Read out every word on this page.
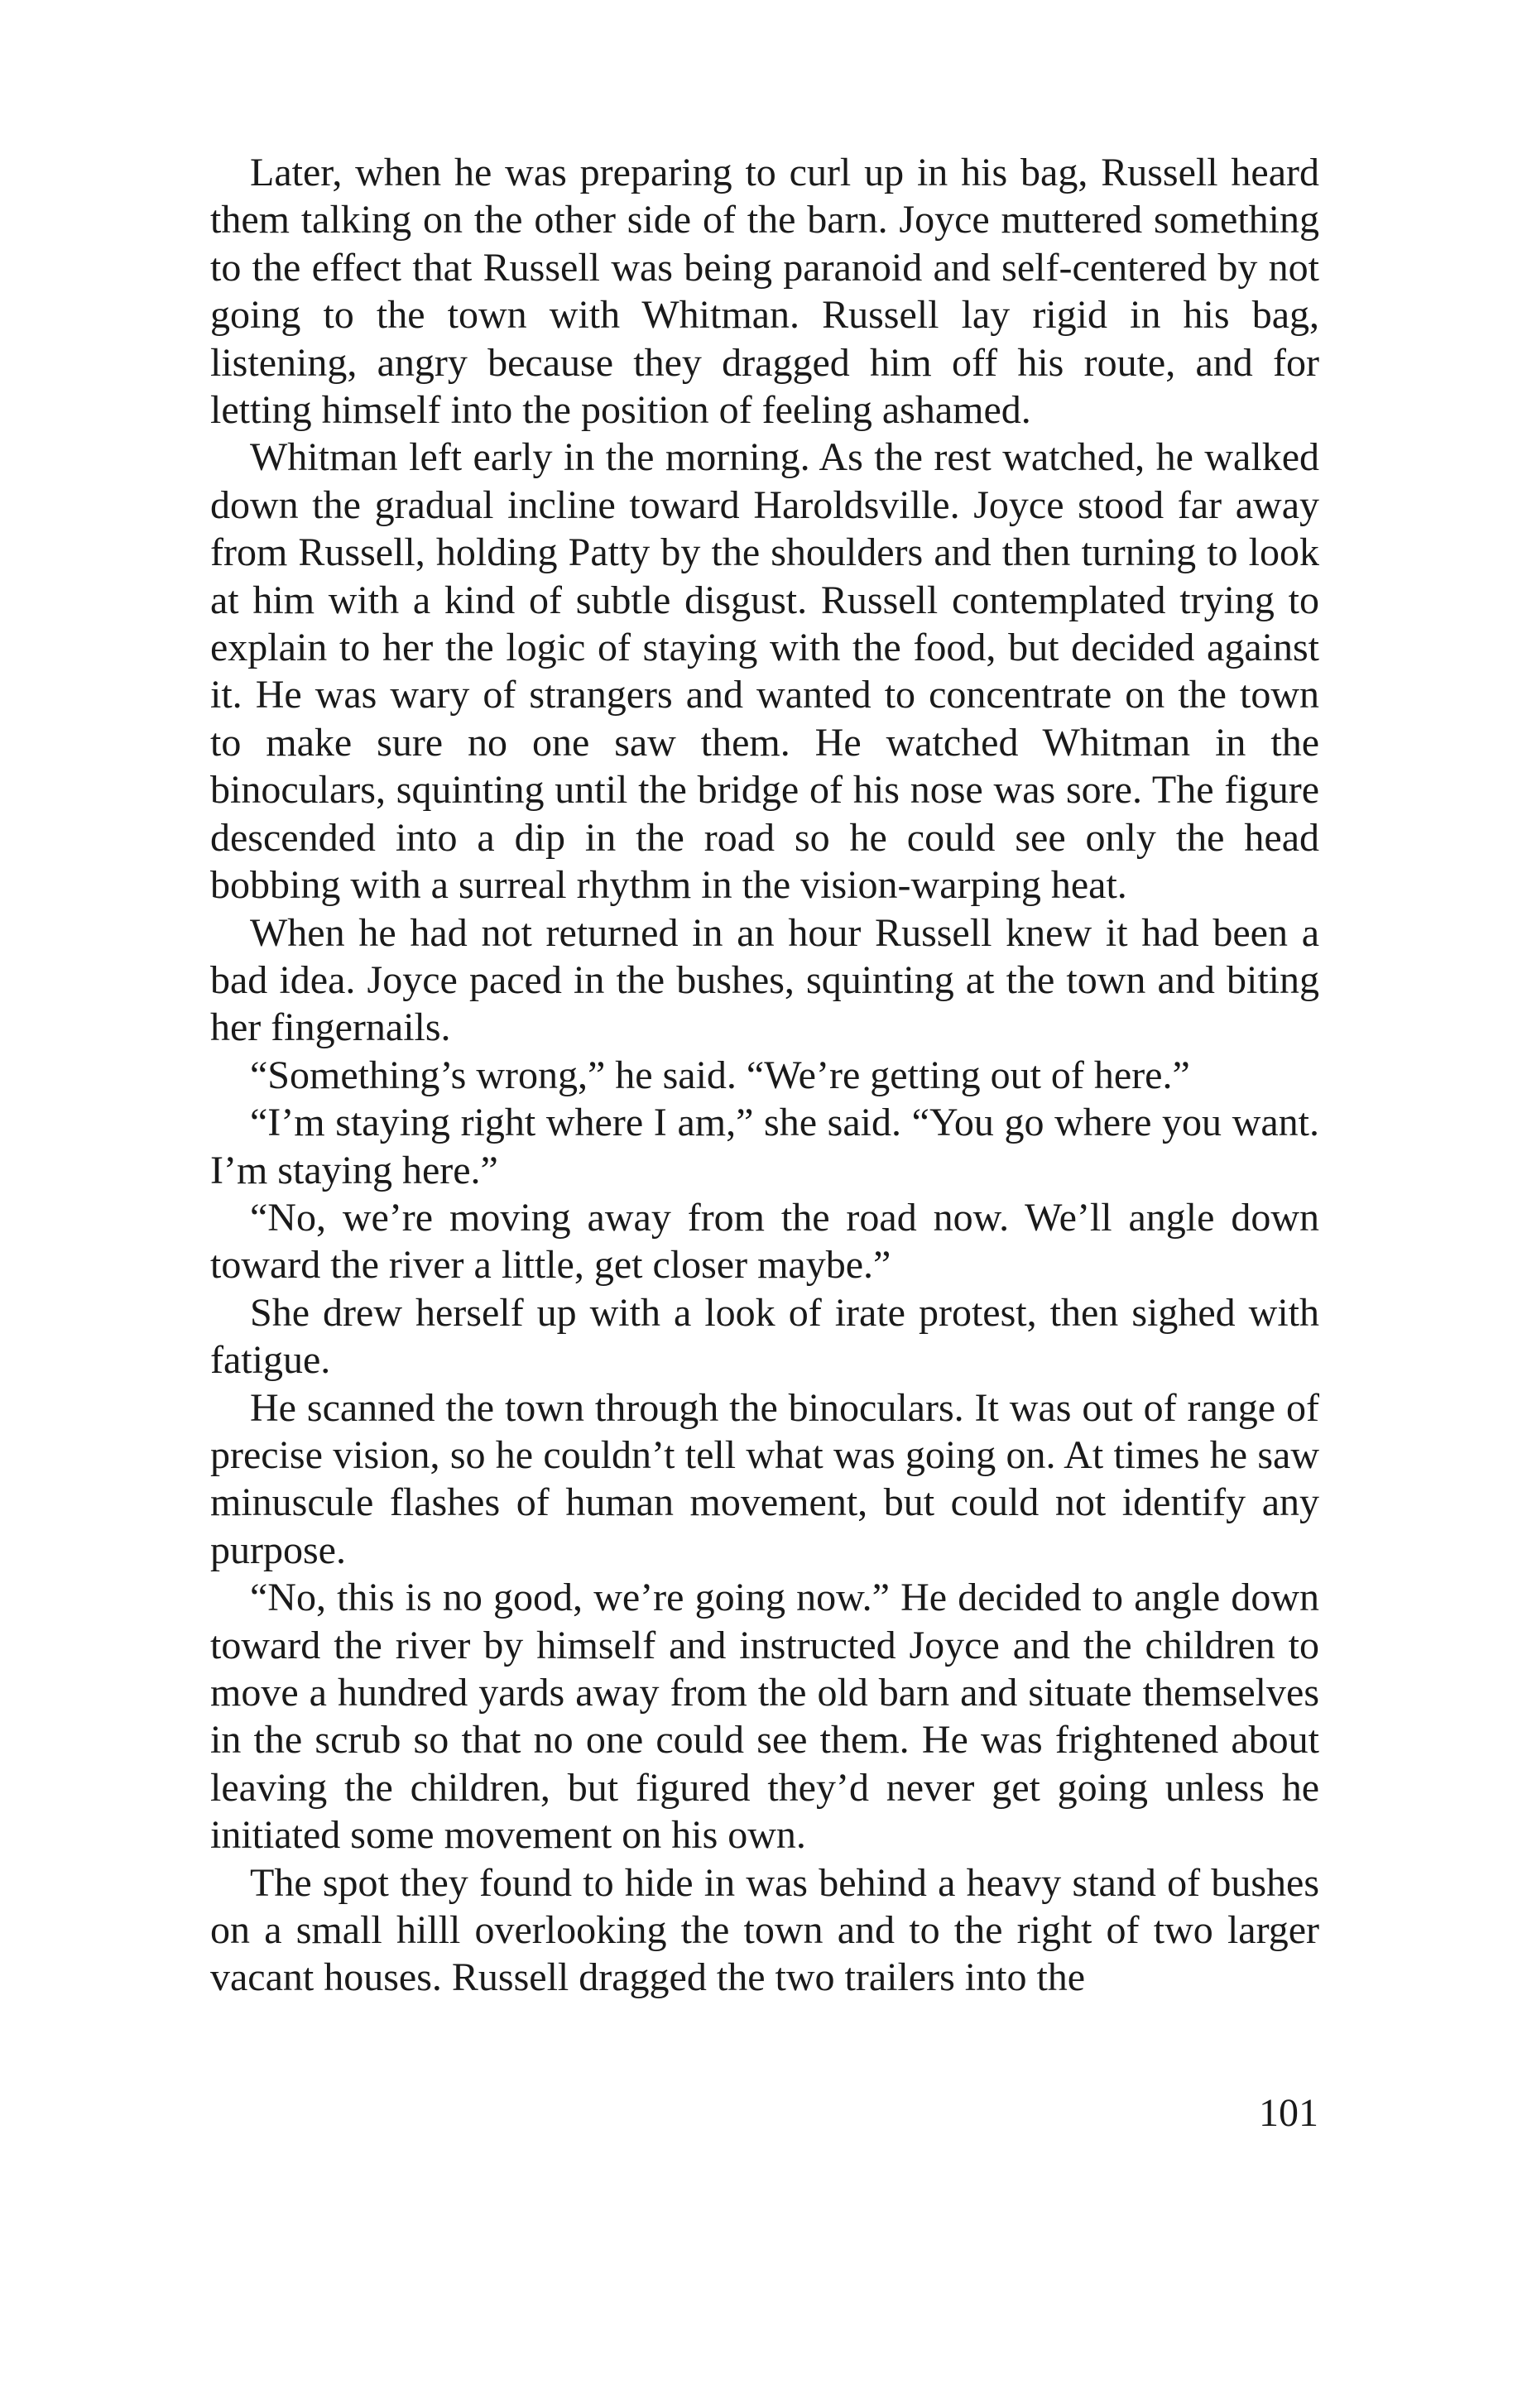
Later, when he was preparing to curl up in his bag, Russell heard them talking on the other side of the barn. Joyce muttered something to the effect that Russell was being paranoid and self-centered by not going to the town with Whitman. Russell lay rigid in his bag, listening, angry because they dragged him off his route, and for letting himself into the position of feeling ashamed.

Whitman left early in the morning. As the rest watched, he walked down the gradual incline toward Haroldsville. Joyce stood far away from Russell, holding Patty by the shoulders and then turning to look at him with a kind of subtle disgust. Russell contemplated trying to explain to her the logic of staying with the food, but decided against it. He was wary of strangers and wanted to concentrate on the town to make sure no one saw them. He watched Whitman in the binoculars, squinting until the bridge of his nose was sore. The figure descended into a dip in the road so he could see only the head bobbing with a surreal rhythm in the vision-warping heat.

When he had not returned in an hour Russell knew it had been a bad idea. Joyce paced in the bushes, squinting at the town and biting her fingernails.

“Something’s wrong,” he said. “We’re getting out of here.”

“I’m staying right where I am,” she said. “You go where you want. I’m staying here.”

“No, we’re moving away from the road now. We’ll angle down toward the river a little, get closer maybe.”

She drew herself up with a look of irate protest, then sighed with fatigue.

He scanned the town through the binoculars. It was out of range of precise vision, so he couldn’t tell what was going on. At times he saw minuscule flashes of human movement, but could not identify any purpose.

“No, this is no good, we’re going now.” He decided to angle down toward the river by himself and instructed Joyce and the children to move a hundred yards away from the old barn and situate themselves in the scrub so that no one could see them. He was frightened about leaving the children, but figured they’d never get going unless he initiated some movement on his own.

The spot they found to hide in was behind a heavy stand of bushes on a small hilll overlooking the town and to the right of two larger vacant houses. Russell dragged the two trailers into the

101
